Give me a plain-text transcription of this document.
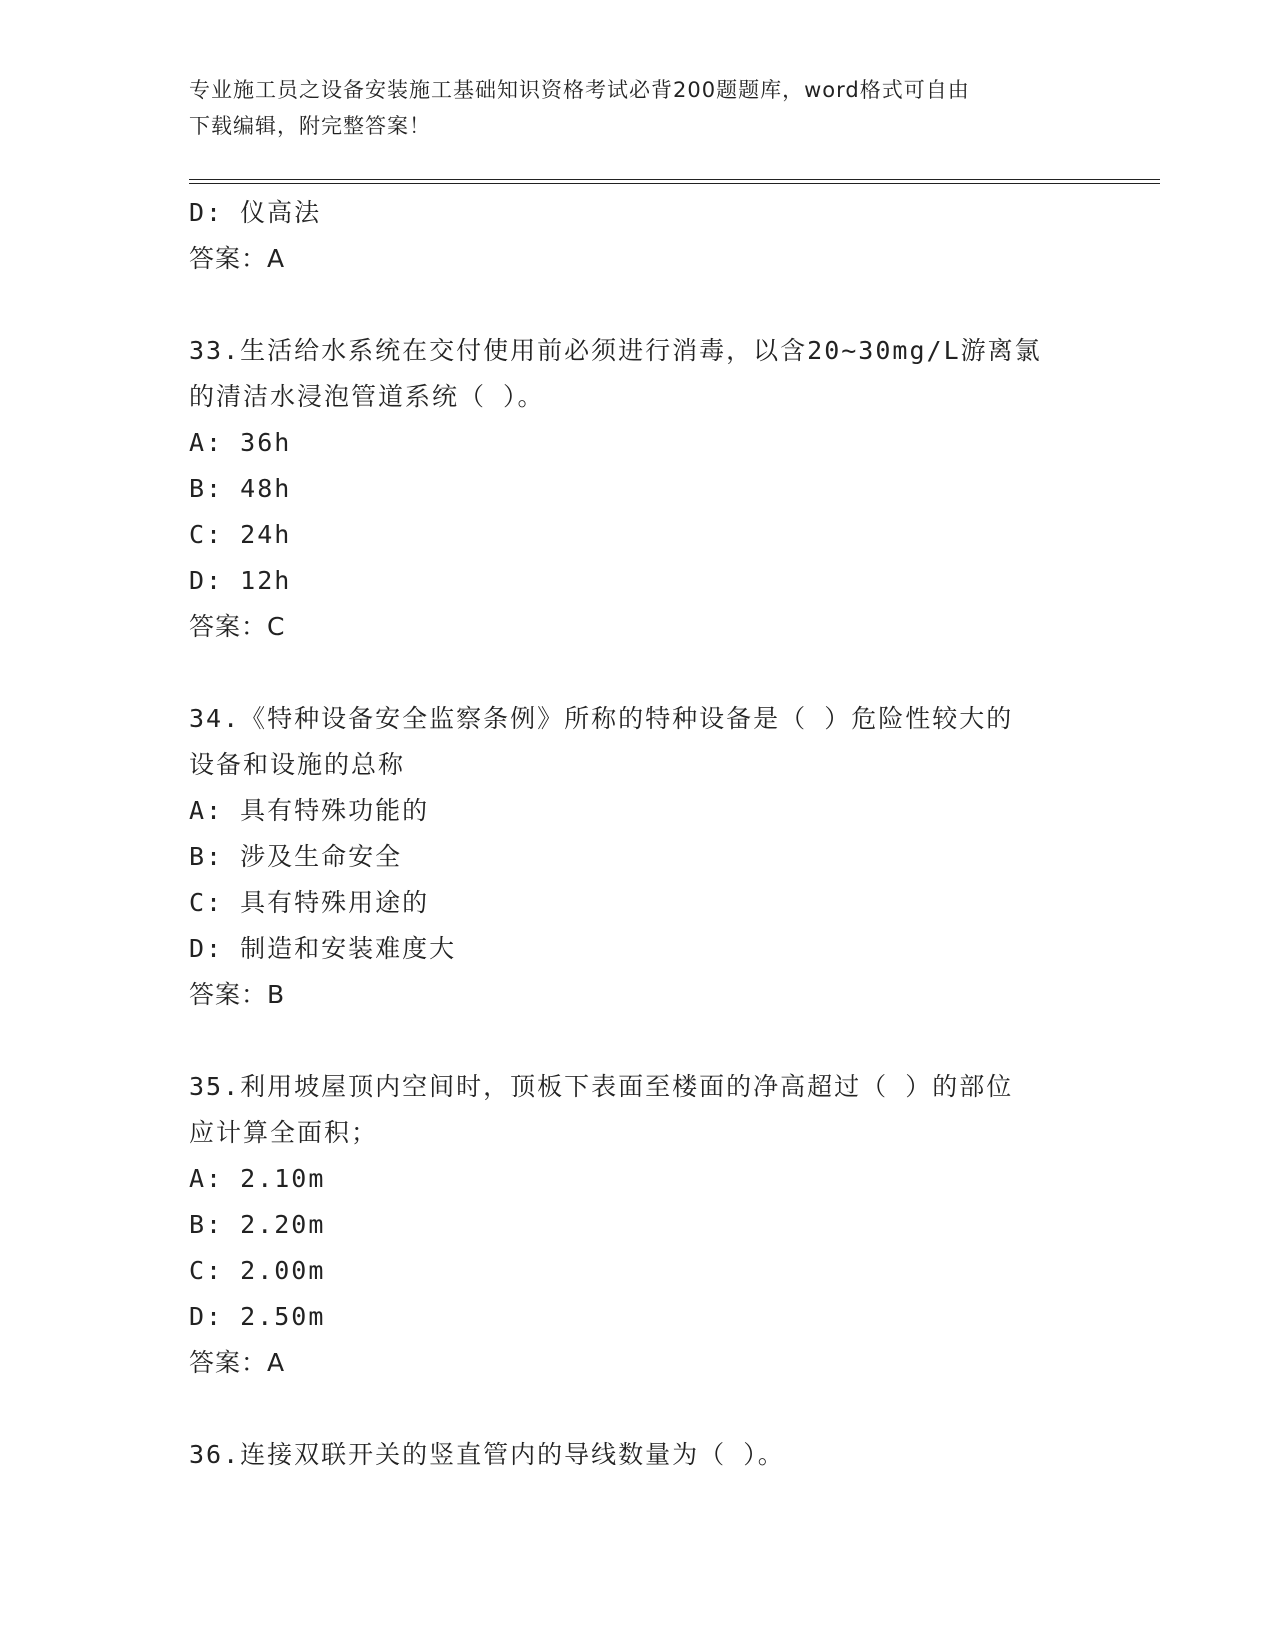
专业施工员之设备安装施工基础知识资格考试必背200题题库，word格式可自由
下载编辑，附完整答案！
D: 仪高法
答案：A
33.生活给水系统在交付使用前必须进行消毒，以含20~30mg/L游离氯
的清洁水浸泡管道系统（ ）。
A: 36h
B: 48h
C: 24h
D: 12h
答案：C
34.《特种设备安全监察条例》所称的特种设备是（ ）危险性较大的
设备和设施的总称
A: 具有特殊功能的
B: 涉及生命安全
C: 具有特殊用途的
D: 制造和安装难度大
答案：B
35.利用坡屋顶内空间时，顶板下表面至楼面的净高超过（ ）的部位
应计算全面积；
A: 2.10m
B: 2.20m
C: 2.00m
D: 2.50m
答案：A
36.连接双联开关的竖直管内的导线数量为（ ）。
